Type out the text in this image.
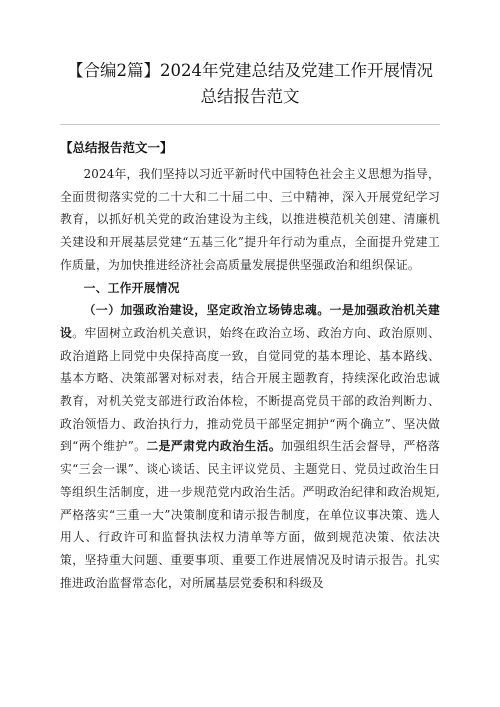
【合编2篇】2024年党建总结及党建工作开展情况总结报告范文
【总结报告范文一】

2024年，我们坚持以习近平新时代中国特色社会主义思想为指导，全面贯彻落实党的二十大和二十届二中、三中精神，深入开展党纪学习教育，以抓好机关党的政治建设为主线，以推进模范机关创建、清廉机关建设和开展基层党建“五基三化”提升年行动为重点，全面提升党建工作质量，为加快推进经济社会高质量发展提供坚强政治和组织保证。

一、工作开展情况

（一）加强政治建设，坚定政治立场铸忠魂。一是加强政治机关建设。牢固树立政治机关意识，始终在政治立场、政治方向、政治原则、政治道路上同党中央保持高度一致，自觉同党的基本理论、基本路线、基本方略、决策部署对标对表，结合开展主题教育，持续深化政治忠诚教育，对机关党支部进行政治体检，不断提高党员干部的政治判断力、政治领悟力、政治执行力，推动党员干部坚定拥护“两个确立”、坚决做到“两个维护”。二是严肃党内政治生活。加强组织生活会督导，严格落实“三会一课”、谈心谈话、民主评议党员、主题党日、党员过政治生日等组织生活制度，进一步规范党内政治生活。严明政治纪律和政治规矩,严格落实“三重一大”决策制度和请示报告制度，在单位议事决策、选人用人、行政许可和监督执法权力清单等方面，做到规范决策、依法决策，坚持重大问题、重要事项、重要工作进展情况及时请示报告。扎实推进政治监督常态化，对所属基层党委积和科级及
